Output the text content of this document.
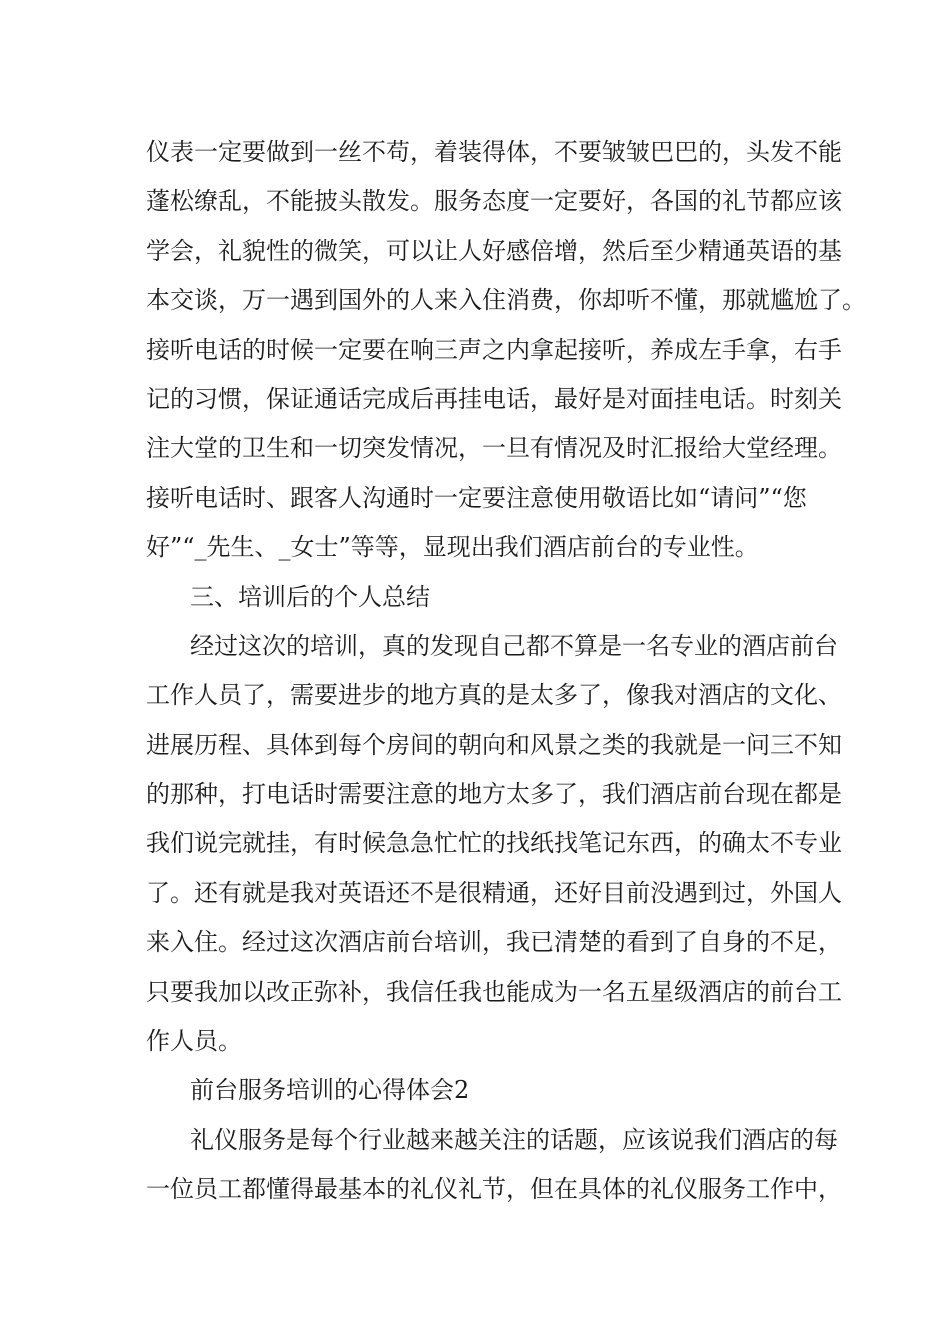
仪表一定要做到一丝不苟，着装得体，不要皱皱巴巴的，头发不能
蓬松缭乱，不能披头散发。服务态度一定要好，各国的礼节都应该
学会，礼貌性的微笑，可以让人好感倍增，然后至少精通英语的基
本交谈，万一遇到国外的人来入住消费，你却听不懂，那就尴尬了。
接听电话的时候一定要在响三声之内拿起接听，养成左手拿，右手
记的习惯，保证通话完成后再挂电话，最好是对面挂电话。时刻关
注大堂的卫生和一切突发情况，一旦有情况及时汇报给大堂经理。
接听电话时、跟客人沟通时一定要注意使用敬语比如“请问”“您
好”“_先生、_女士”等等，显现出我们酒店前台的专业性。
三、培训后的个人总结
经过这次的培训，真的发现自己都不算是一名专业的酒店前台
工作人员了，需要进步的地方真的是太多了，像我对酒店的文化、
进展历程、具体到每个房间的朝向和风景之类的我就是一问三不知
的那种，打电话时需要注意的地方太多了，我们酒店前台现在都是
我们说完就挂，有时候急急忙忙的找纸找笔记东西，的确太不专业
了。还有就是我对英语还不是很精通，还好目前没遇到过，外国人
来入住。经过这次酒店前台培训，我已清楚的看到了自身的不足，
只要我加以改正弥补，我信任我也能成为一名五星级酒店的前台工
作人员。
前台服务培训的心得体会2
礼仪服务是每个行业越来越关注的话题，应该说我们酒店的每
一位员工都懂得最基本的礼仪礼节，但在具体的礼仪服务工作中，
